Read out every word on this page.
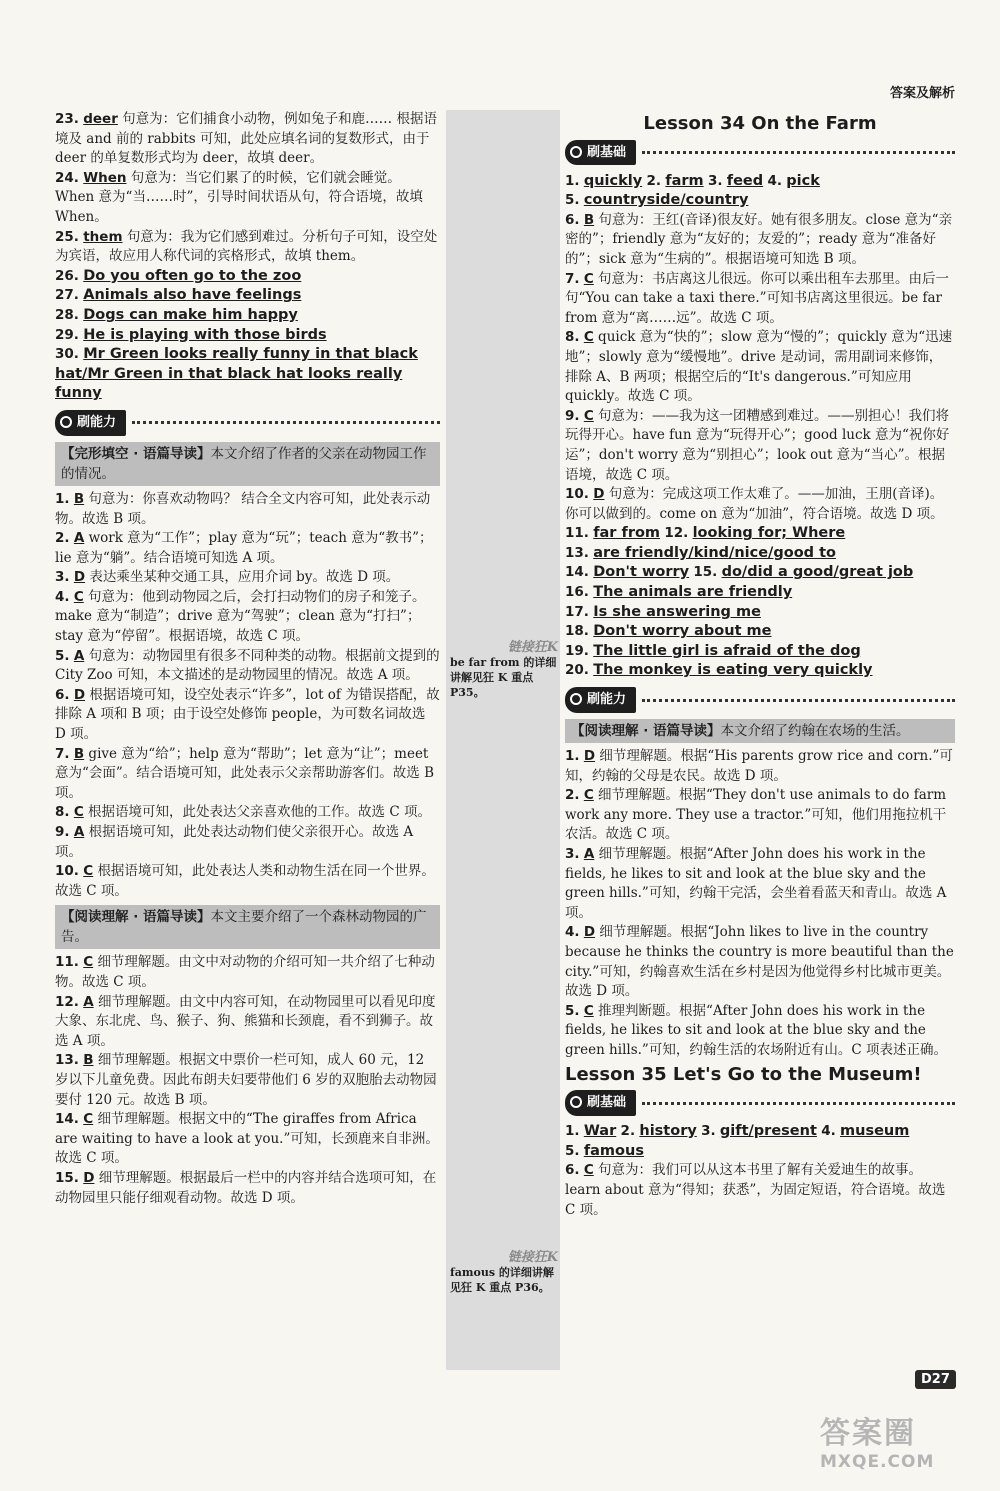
答案及解析
链接狂K
be far from 的详细讲解见狂 K 重点 P35。
链接狂K
famous 的详细讲解见狂 K 重点 P36。
23. deer 句意为：它们捕食小动物，例如兔子和鹿…… 根据语境及 and 前的 rabbits 可知，此处应填名词的复数形式，由于 deer 的单复数形式均为 deer，故填 deer。
24. When 句意为：当它们累了的时候，它们就会睡觉。When 意为“当……时”，引导时间状语从句，符合语境，故填 When。
25. them 句意为：我为它们感到难过。分析句子可知，设空处为宾语，故应用人称代词的宾格形式，故填 them。
26. Do you often go to the zoo
27. Animals also have feelings
28. Dogs can make him happy
29. He is playing with those birds
30. Mr Green looks really funny in that black hat/Mr Green in that black hat looks really funny
刷能力
【完形填空 · 语篇导读】本文介绍了作者的父亲在动物园工作的情况。
1. B 句意为：你喜欢动物吗？ 结合全文内容可知，此处表示动物。故选 B 项。
2. A work 意为“工作”；play 意为“玩”；teach 意为“教书”；lie 意为“躺”。结合语境可知选 A 项。
3. D 表达乘坐某种交通工具，应用介词 by。故选 D 项。
4. C 句意为：他到动物园之后，会打扫动物们的房子和笼子。make 意为“制造”；drive 意为“驾驶”；clean 意为“打扫”；stay 意为“停留”。根据语境，故选 C 项。
5. A 句意为：动物园里有很多不同种类的动物。根据前文提到的 City Zoo 可知，本文描述的是动物园里的情况。故选 A 项。
6. D 根据语境可知，设空处表示“许多”，lot of 为错误搭配，故排除 A 项和 B 项；由于设空处修饰 people，为可数名词故选 D 项。
7. B give 意为“给”；help 意为“帮助”；let 意为“让”；meet 意为“会面”。结合语境可知，此处表示父亲帮助游客们。故选 B 项。
8. C 根据语境可知，此处表达父亲喜欢他的工作。故选 C 项。
9. A 根据语境可知，此处表达动物们使父亲很开心。故选 A 项。
10. C 根据语境可知，此处表达人类和动物生活在同一个世界。故选 C 项。
【阅读理解 · 语篇导读】本文主要介绍了一个森林动物园的广告。
11. C 细节理解题。由文中对动物的介绍可知一共介绍了七种动物。故选 C 项。
12. A 细节理解题。由文中内容可知，在动物园里可以看见印度大象、东北虎、鸟、猴子、狗、熊猫和长颈鹿，看不到狮子。故选 A 项。
13. B 细节理解题。根据文中票价一栏可知，成人 60 元，12 岁以下儿童免费。因此布朗夫妇要带他们 6 岁的双胞胎去动物园要付 120 元。故选 B 项。
14. C 细节理解题。根据文中的“The giraffes from Africa are waiting to have a look at you.”可知，长颈鹿来自非洲。故选 C 项。
15. D 细节理解题。根据最后一栏中的内容并结合选项可知，在动物园里只能仔细观看动物。故选 D 项。
Lesson 34 On the Farm
刷基础
1. quickly 2. farm 3. feed 4. pick
5. countryside/country
6. B 句意为：王红(音译)很友好。她有很多朋友。close 意为“亲密的”；friendly 意为“友好的；友爱的”；ready 意为“准备好的”；sick 意为“生病的”。根据语境可知选 B 项。
7. C 句意为：书店离这儿很远。你可以乘出租车去那里。由后一句“You can take a taxi there.”可知书店离这里很远。be far from 意为“离……远”。故选 C 项。
8. C quick 意为“快的”；slow 意为“慢的”；quickly 意为“迅速地”；slowly 意为“缓慢地”。drive 是动词，需用副词来修饰，排除 A、B 两项；根据空后的“It's dangerous.”可知应用 quickly。故选 C 项。
9. C 句意为：——我为这一团糟感到难过。——别担心！我们将玩得开心。have fun 意为“玩得开心”；good luck 意为“祝你好运”；don't worry 意为“别担心”；look out 意为“当心”。根据语境，故选 C 项。
10. D 句意为：完成这项工作太难了。——加油，王朋(音译)。你可以做到的。come on 意为“加油”，符合语境。故选 D 项。
11. far from 12. looking for; Where
13. are friendly/kind/nice/good to
14. Don't worry 15. do/did a good/great job
16. The animals are friendly
17. Is she answering me
18. Don't worry about me
19. The little girl is afraid of the dog
20. The monkey is eating very quickly
刷能力
【阅读理解 · 语篇导读】本文介绍了约翰在农场的生活。
1. D 细节理解题。根据“His parents grow rice and corn.”可知，约翰的父母是农民。故选 D 项。
2. C 细节理解题。根据“They don't use animals to do farm work any more. They use a tractor.”可知，他们用拖拉机干农活。故选 C 项。
3. A 细节理解题。根据“After John does his work in the fields, he likes to sit and look at the blue sky and the green hills.”可知，约翰干完活，会坐着看蓝天和青山。故选 A 项。
4. D 细节理解题。根据“John likes to live in the country because he thinks the country is more beautiful than the city.”可知，约翰喜欢生活在乡村是因为他觉得乡村比城市更美。故选 D 项。
5. C 推理判断题。根据“After John does his work in the fields, he likes to sit and look at the blue sky and the green hills.”可知，约翰生活的农场附近有山。C 项表述正确。
Lesson 35 Let's Go to the Museum!
刷基础
1. War 2. history 3. gift/present 4. museum
5. famous
6. C 句意为：我们可以从这本书里了解有关爱迪生的故事。learn about 意为“得知；获悉”，为固定短语，符合语境。故选 C 项。
D27
答案圈
MXQE.COM
